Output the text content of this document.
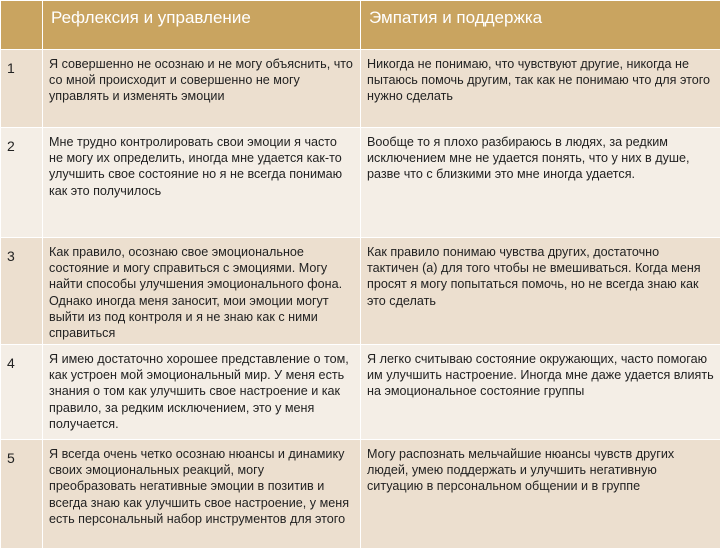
	Рефлексия и управление	Эмпатия и поддержка
1	Я совершенно не осознаю и не могу объяснить, что со мной происходит и совершенно не могу управлять и изменять эмоции	Никогда не понимаю, что чувствуют другие, никогда не пытаюсь помочь другим, так как не понимаю что для этого нужно сделать
2	Мне трудно контролировать свои эмоции я часто не могу их определить, иногда мне удается как-то улучшить свое состояние но я не всегда понимаю как это получилось	Вообще то я плохо разбираюсь в людях, за редким исключением мне не удается понять, что у них в душе, разве что с близкими это мне иногда удается.
3	Как правило, осознаю свое эмоциональное состояние и могу справиться с эмоциями. Могу найти способы улучшения эмоционального фона. Однако иногда меня заносит, мои эмоции могут выйти из под контроля и я не знаю как с ними справиться	Как правило понимаю чувства других, достаточно тактичен (а) для того чтобы не вмешиваться. Когда меня просят я могу попытаться помочь, но не всегда знаю как это сделать
4	Я имею достаточно хорошее представление о том, как устроен мой эмоциональный мир. У меня есть знания о том как улучшить свое настроение и как правило, за редким исключением, это у меня получается.	Я легко считываю состояние окружающих, часто помогаю им улучшить настроение. Иногда мне даже удается влиять на эмоциональное состояние группы
5	Я всегда очень четко осознаю нюансы и динамику своих эмоциональных реакций, могу преобразовать негативные эмоции в позитив и всегда знаю как улучшить свое настроение, у меня есть персональный набор инструментов для этого	Могу распознать мельчайшие нюансы чувств других людей, умею поддержать и улучшить негативную ситуацию в персональном общении и в группе
